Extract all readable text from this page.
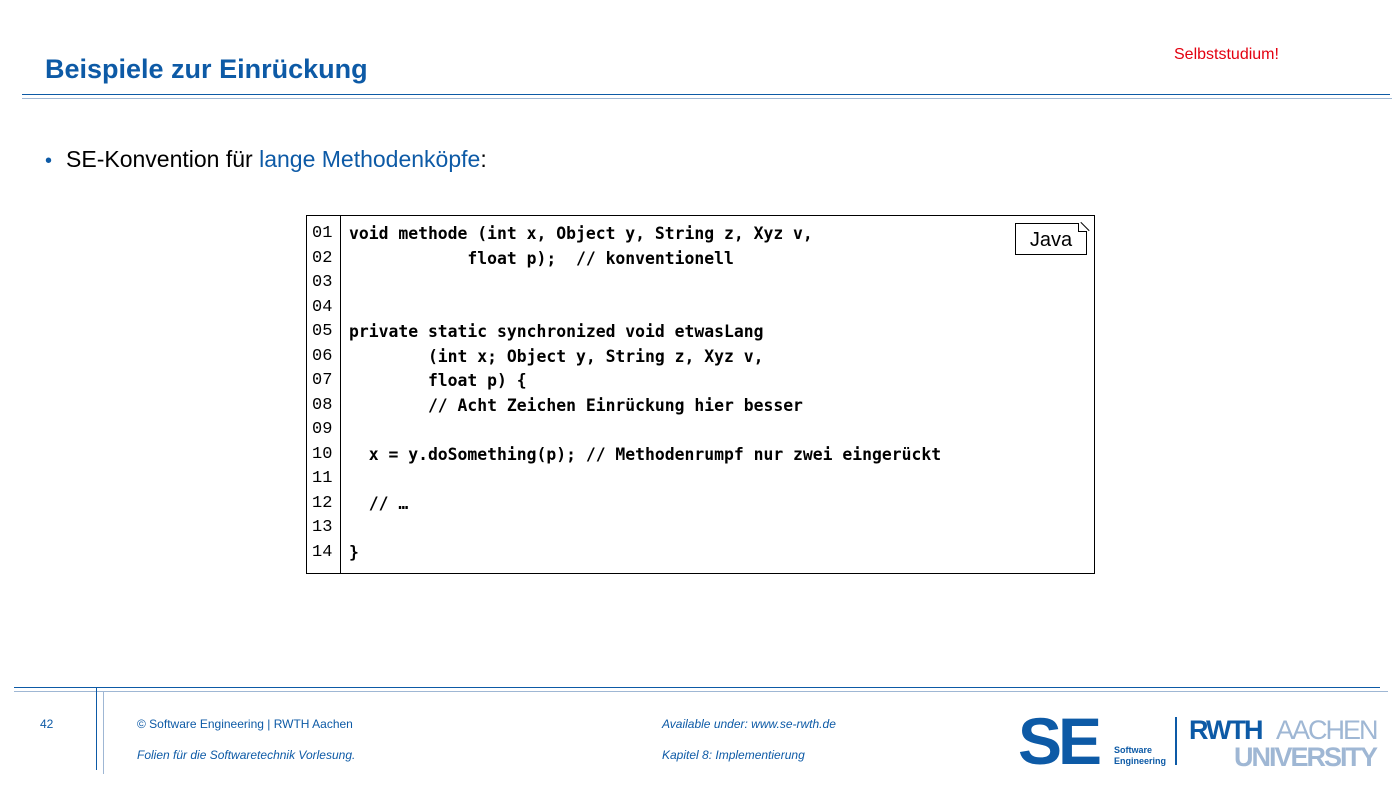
Beispiele zur Einrückung	Selbststudium!
• SE-Konvention für lange Methodenköpfe:
01
02
03
04
05
06
07
08
09
10
11
12
13
14
void methode (int x, Object y, String z, Xyz v,
float p);  // konventionell
private static synchronized void etwasLang
(int x; Object y, String z, Xyz v,
float p) {
// Acht Zeichen Einrückung hier besser
x = y.doSomething(p); // Methodenrumpf nur zwei eingerückt
// …
}
Java
42	© Software Engineering | RWTH Aachen
Folien für die Softwaretechnik Vorlesung.
Available under: www.se-rwth.de
Kapitel 8: Implementierung	SE Software
Engineering
RWTH AACHEN
UNIVERSITY
